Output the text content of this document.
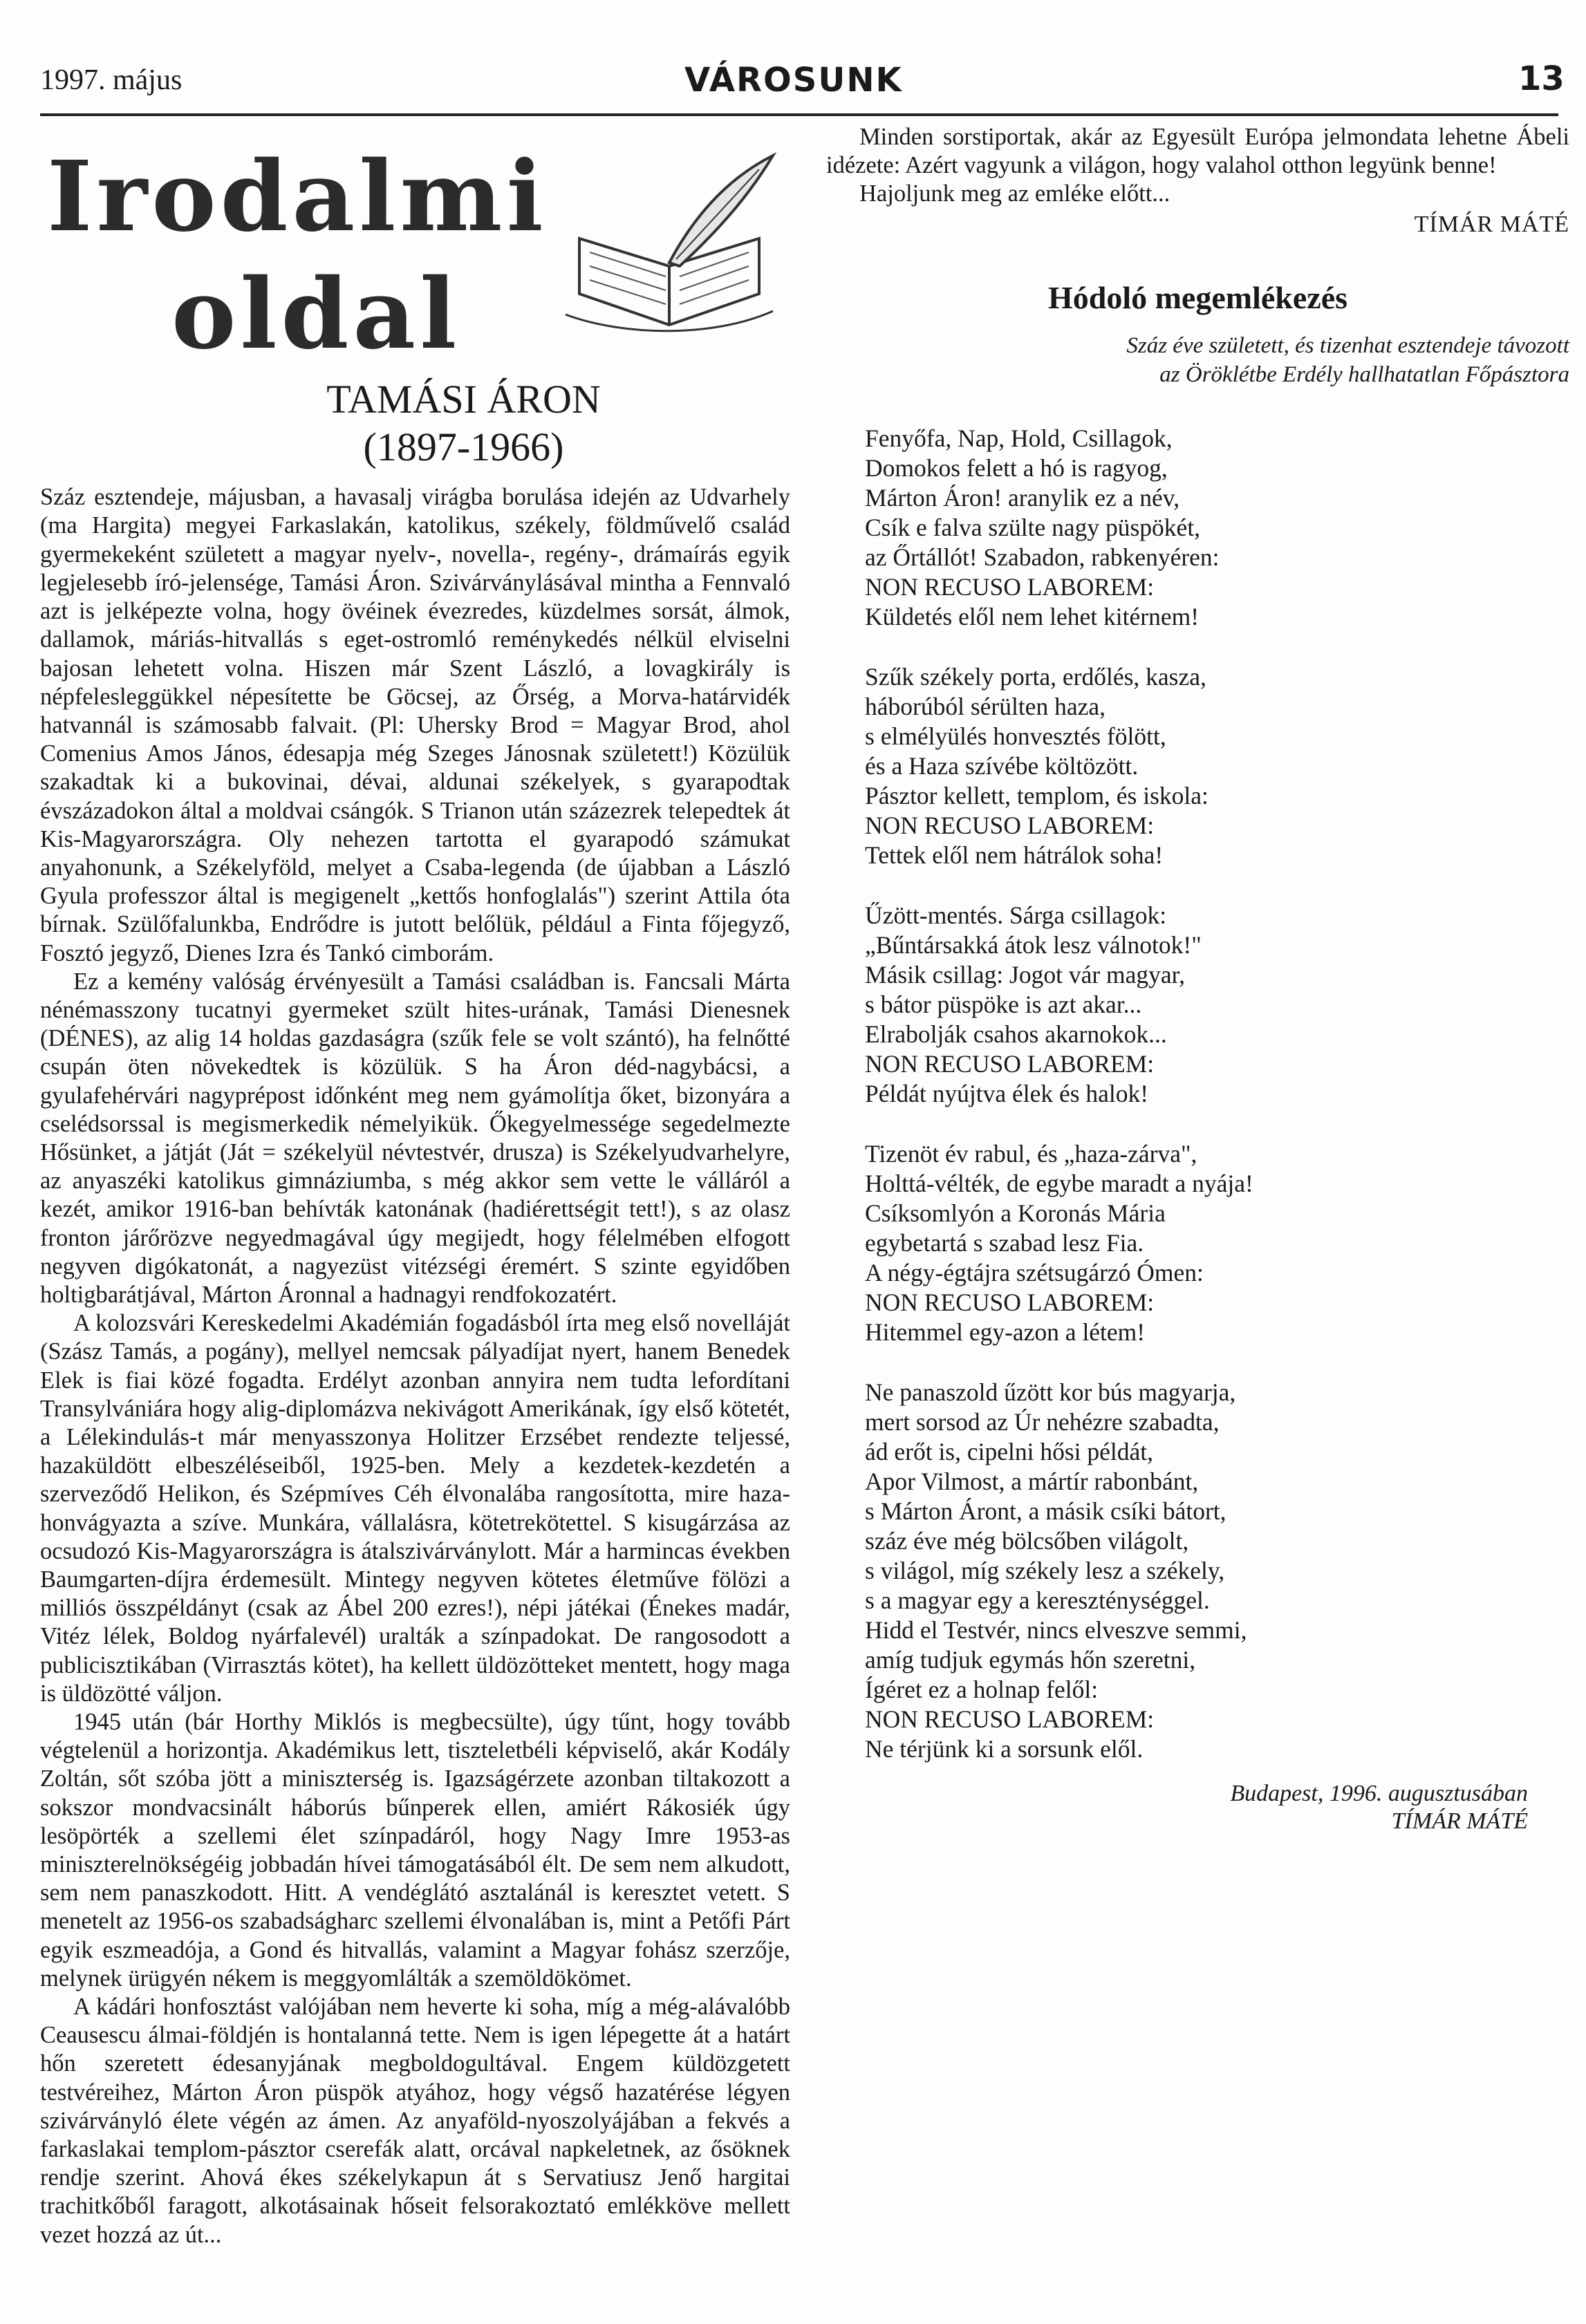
1997. május	VÁROSUNK	13
Irodalmi
oldal
TAMÁSI ÁRON
(1897-1966)

Száz esztendeje, májusban, a havasalj virágba borulása idején az Udvarhely (ma Hargita) megyei Farkaslakán, katolikus, székely, földművelő család gyermekeként született a magyar nyelv-, novella-, regény-, drámaírás egyik legjelesebb író-jelensége, Tamási Áron. Szivárványlásával mintha a Fennvaló azt is jelképezte volna, hogy övéinek évezredes, küzdelmes sorsát, álmok, dallamok, máriás-hitvallás s eget-ostromló reménykedés nélkül elviselni bajosan lehetett volna. Hiszen már Szent László, a lovagkirály is népfelesleggükkel népesítette be Göcsej, az Őrség, a Morva-határvidék hatvannál is számosabb falvait. (Pl: Uhersky Brod = Magyar Brod, ahol Comenius Amos János, édesapja még Szeges Jánosnak született!) Közülük szakadtak ki a bukovinai, dévai, aldunai székelyek, s gyarapodtak évszázadokon által a moldvai csángók. S Trianon után százezrek telepedtek át Kis-Magyarországra. Oly nehezen tartotta el gyarapodó számukat anyahonunk, a Székelyföld, melyet a Csaba-legenda (de újabban a László Gyula professzor által is megigenelt „kettős honfoglalás") szerint Attila óta bírnak. Szülőfalunkba, Endrődre is jutott belőlük, például a Finta főjegyző, Fosztó jegyző, Dienes Izra és Tankó cimborám.

Ez a kemény valóság érvényesült a Tamási családban is. Fancsali Márta nénémasszony tucatnyi gyermeket szült hites-urának, Tamási Dienesnek (DÉNES), az alig 14 holdas gazdaságra (szűk fele se volt szántó), ha felnőtté csupán öten növekedtek is közülük. S ha Áron déd-nagybácsi, a gyulafehérvári nagyprépost időnként meg nem gyámolítja őket, bizonyára a cselédsorssal is megismerkedik némelyikük. Őkegyelmessége segedelmezte Hősünket, a játját (Ját = székelyül névtestvér, drusza) is Székelyudvarhelyre, az anyaszéki katolikus gimnáziumba, s még akkor sem vette le válláról a kezét, amikor 1916-ban behívták katonának (hadiérettségit tett!), s az olasz fronton járőrözve negyedmagával úgy megijedt, hogy félelmében elfogott negyven digókatonát, a nagyezüst vitézségi éremért. S szinte egyidőben holtigbarátjával, Márton Áronnal a hadnagyi rendfokozatért.

A kolozsvári Kereskedelmi Akadémián fogadásból írta meg első novelláját (Szász Tamás, a pogány), mellyel nemcsak pályadíjat nyert, hanem Benedek Elek is fiai közé fogadta. Erdélyt azonban annyira nem tudta lefordítani Transylvániára hogy alig-diplomázva nekivágott Amerikának, így első kötetét, a Lélekindulás-t már menyasszonya Holitzer Erzsébet rendezte teljessé, hazaküldött elbeszéléseiből, 1925-ben. Mely a kezdetek-kezdetén a szerveződő Helikon, és Szépmíves Céh élvonalába rangosította, mire haza-honvágyazta a szíve. Munkára, vállalásra, kötetrekötettel. S kisugárzása az ocsudozó Kis-Magyarországra is átalszivárványlott. Már a harmincas években Baumgarten-díjra érdemesült. Mintegy negyven kötetes életműve fölözi a milliós összpéldányt (csak az Ábel 200 ezres!), népi játékai (Énekes madár, Vitéz lélek, Boldog nyárfalevél) uralták a színpadokat. De rangosodott a publicisztikában (Virrasztás kötet), ha kellett üldözötteket mentett, hogy maga is üldözötté váljon.

1945 után (bár Horthy Miklós is megbecsülte), úgy tűnt, hogy tovább végtelenül a horizontja. Akadémikus lett, tiszteletbéli képviselő, akár Kodály Zoltán, sőt szóba jött a miniszterség is. Igazságérzete azonban tiltakozott a sokszor mondvacsinált háborús bűnperek ellen, amiért Rákosiék úgy lesöpörték a szellemi élet színpadáról, hogy Nagy Imre 1953-as miniszterelnökségéig jobbadán hívei támogatásából élt. De sem nem alkudott, sem nem panaszkodott. Hitt. A vendéglátó asztalánál is keresztet vetett. S menetelt az 1956-os szabadságharc szellemi élvonalában is, mint a Petőfi Párt egyik eszmeadója, a Gond és hitvallás, valamint a Magyar fohász szerzője, melynek ürügyén nékem is meggyomlálták a szemöldökömet.

A kádári honfosztást valójában nem heverte ki soha, míg a még-alávalóbb Ceausescu álmai-földjén is hontalanná tette. Nem is igen lépegette át a határt hőn szeretett édesanyjának megboldogultával. Engem küldözgetett testvéreihez, Márton Áron püspök atyához, hogy végső hazatérése légyen szivárványló élete végén az ámen. Az anyaföld-nyoszolyájában a fekvés a farkaslakai templom-pásztor cserefák alatt, orcával napkeletnek, az ősöknek rendje szerint. Ahová ékes székelykapun át s Servatiusz Jenő hargitai trachitkőből faragott, alkotásainak hőseit felsorakoztató emlékköve mellett vezet hozzá az út...

Minden sorstiportak, akár az Egyesült Európa jelmondata lehetne Ábeli idézete: Azért vagyunk a világon, hogy valahol otthon legyünk benne!

Hajoljunk meg az emléke előtt...

TÍMÁR MÁTÉ

Hódoló megemlékezés

Száz éve született, és tizenhat esztendeje távozott

az Öröklétbe Erdély hallhatatlan Főpásztora

Fenyőfa, Nap, Hold, Csillagok,
Domokos felett a hó is ragyog,
Márton Áron! aranylik ez a név,
Csík e falva szülte nagy püspökét,
az Őrtállót! Szabadon, rabkenyéren:
NON RECUSO LABOREM:
Küldetés elől nem lehet kitérnem!
Szűk székely porta, erdőlés, kasza,
háborúból sérülten haza,
s elmélyülés honvesztés fölött,
és a Haza szívébe költözött.
Pásztor kellett, templom, és iskola:
NON RECUSO LABOREM:
Tettek elől nem hátrálok soha!
Űzött-mentés. Sárga csillagok:
„Bűntársakká átok lesz válnotok!"
Másik csillag: Jogot vár magyar,
s bátor püspöke is azt akar...
Elrabolják csahos akarnokok...
NON RECUSO LABOREM:
Példát nyújtva élek és halok!
Tizenöt év rabul, és „haza-zárva",
Holttá-vélték, de egybe maradt a nyája!
Csíksomlyón a Koronás Mária
egybetartá s szabad lesz Fia.
A négy-égtájra szétsugárzó Ómen:
NON RECUSO LABOREM:
Hitemmel egy-azon a létem!
Ne panaszold űzött kor bús magyarja,
mert sorsod az Úr nehézre szabadta,
ád erőt is, cipelni hősi példát,
Apor Vilmost, a mártír rabonbánt,
s Márton Áront, a másik csíki bátort,
száz éve még bölcsőben világolt,
s világol, míg székely lesz a székely,
s a magyar egy a kereszténységgel.
Hidd el Testvér, nincs elveszve semmi,
amíg tudjuk egymás hőn szeretni,
Ígéret ez a holnap felől:
NON RECUSO LABOREM:
Ne térjünk ki a sorsunk elől.

Budapest, 1996. augusztusában

TÍMÁR MÁTÉ
